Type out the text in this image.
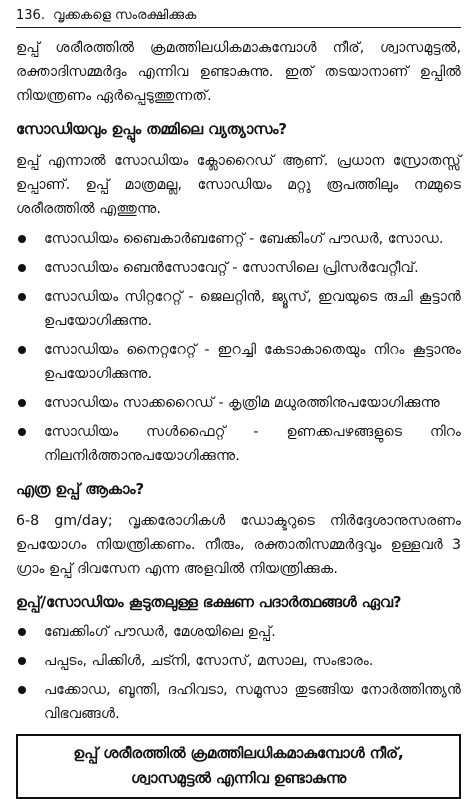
136. വൃക്കകളെ സംരക്ഷിക്കുക

ഉപ്പ് ശരീരത്തിൽ ക്രമത്തിലധികമാകുമ്പോൾ നീര്, ശ്വാസമുട്ടൽ, രക്താദിസമ്മർദ്ദം എന്നിവ ഉണ്ടാകുന്നു. ഇത് തടയാനാണ് ഉപ്പിൽ നിയന്ത്രണം ഏർപ്പെടുത്തുന്നത്.

സോഡിയവും ഉപ്പും തമ്മിലെ വ്യത്യാസം?

ഉപ്പ് എന്നാൽ സോഡിയം ക്ലോറൈഡ് ആണ്. പ്രധാന സ്രോതസ്സ് ഉപ്പാണ്. ഉപ്പ് മാത്രമല്ല, സോഡിയം മറ്റു രൂപത്തിലും നമ്മുടെ ശരീരത്തിൽ എത്തുന്നു.

സോഡിയം ബൈകാർബണേറ്റ് - ബേക്കിംഗ് പൗഡർ, സോഡ.
സോഡിയം ബെൻസോവേറ്റ് - സോസിലെ പ്രിസർവേറ്റീവ്.
സോഡിയം സിറ്ററേറ്റ് - ജെലറ്റിൻ, ജ്യൂസ്, ഇവയുടെ രുചി കൂട്ടാൻ ഉപയോഗിക്കുന്നു.
സോഡിയം നൈറ്ററേറ്റ് - ഇറച്ചി കേടാകാതെയും നിറം കൂട്ടാനും ഉപയോഗിക്കുന്നു.
സോഡിയം സാക്കറൈഡ് - കൃത്രിമ മധുരത്തിനുപയോഗിക്കുന്നു
സോഡിയം സൾഫൈറ്റ് - ഉണക്കപഴങ്ങളുടെ നിറം നിലനിർത്താനുപയോഗിക്കുന്നു.
എത്ര ഉപ്പ് ആകാം?

6-8 gm/day; വൃക്കരോഗികൾ ഡോക്ടറുടെ നിർദ്ദേശാനുസരണം ഉപയോഗം നിയന്ത്രിക്കണം. നീരും, രക്താതിസമ്മർദ്ദവും ഉള്ളവർ 3 ഗ്രാം ഉപ്പ് ദിവസേന എന്ന അളവിൽ നിയന്ത്രിക്കുക.

ഉപ്പ്/സോഡിയം കൂടുതലുള്ള ഭക്ഷണ പദാർത്ഥങ്ങൾ ഏവ?
ബേക്കിംഗ് പൗഡർ, മേശയിലെ ഉപ്പ്.
പപ്പടം, പിക്കിൾ, ചട്നി, സോസ്, മസാല, സംഭാരം.
പക്കോഡ, ബൂന്തി, ദഹിവടാ, സമൂസാ തുടങ്ങിയ നോർത്തിന്ത്യൻ വിഭവങ്ങൾ.
ഉപ്പ് ശരീരത്തിൽ ക്രമത്തിലധികമാകുമ്പോൾ നീര്,
ശ്വാസമുട്ടൽ എന്നിവ ഉണ്ടാകുന്നു
